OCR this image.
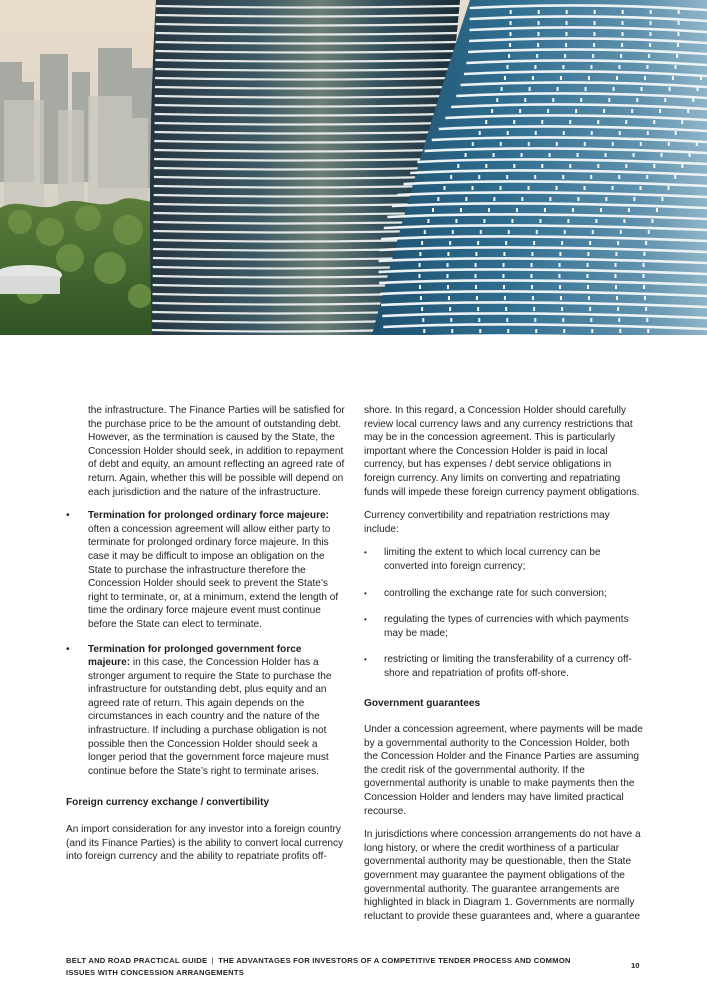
the infrastructure. The Finance Parties will be satisfied for the purchase price to be the amount of outstanding debt. However, as the termination is caused by the State, the Concession Holder should seek, in addition to repayment of debt and equity, an amount reflecting an agreed rate of return. Again, whether this will be possible will depend on each jurisdiction and the nature of the infrastructure.

• Termination for prolonged ordinary force majeure: often a concession agreement will allow either party to terminate for prolonged ordinary force majeure. In this case it may be difficult to impose an obligation on the State to purchase the infrastructure therefore the Concession Holder should seek to prevent the State’s right to terminate, or, at a minimum, extend the length of time the ordinary force majeure event must continue before the State can elect to terminate.
• Termination for prolonged government force majeure: in this case, the Concession Holder has a stronger argument to require the State to purchase the infrastructure for outstanding debt, plus equity and an agreed rate of return. This again depends on the circumstances in each country and the nature of the infrastructure. If including a purchase obligation is not possible then the Concession Holder should seek a longer period that the government force majeure must continue before the State’s right to terminate arises.
Foreign currency exchange / convertibility

An import consideration for any investor into a foreign country (and its Finance Parties) is the ability to convert local currency into foreign currency and the ability to repatriate profits off-

shore. In this regard, a Concession Holder should carefully review local currency laws and any currency restrictions that may be in the concession agreement. This is particularly important where the Concession Holder is paid in local currency, but has expenses / debt service obligations in foreign currency. Any limits on converting and repatriating funds will impede these foreign currency payment obligations.

Currency convertibility and repatriation restrictions may include:

• limiting the extent to which local currency can be converted into foreign currency;
• controlling the exchange rate for such conversion;
• regulating the types of currencies with which payments may be made;
• restricting or limiting the transferability of a currency off-shore and repatriation of profits off-shore.
Government guarantees

Under a concession agreement, where payments will be made by a governmental authority to the Concession Holder, both the Concession Holder and the Finance Parties are assuming the credit risk of the governmental authority. If the governmental authority is unable to make payments then the Concession Holder and lenders may have limited practical recourse.

In jurisdictions where concession arrangements do not have a long history, or where the credit worthiness of a particular governmental authority may be questionable, then the State government may guarantee the payment obligations of the governmental authority. The guarantee arrangements are highlighted in black in Diagram 1. Governments are normally reluctant to provide these guarantees and, where a guarantee

BELT AND ROAD PRACTICAL GUIDE | THE ADVANTAGES FOR INVESTORS OF A COMPETITIVE TENDER PROCESS AND COMMON ISSUES WITH CONCESSION ARRANGEMENTS
10
